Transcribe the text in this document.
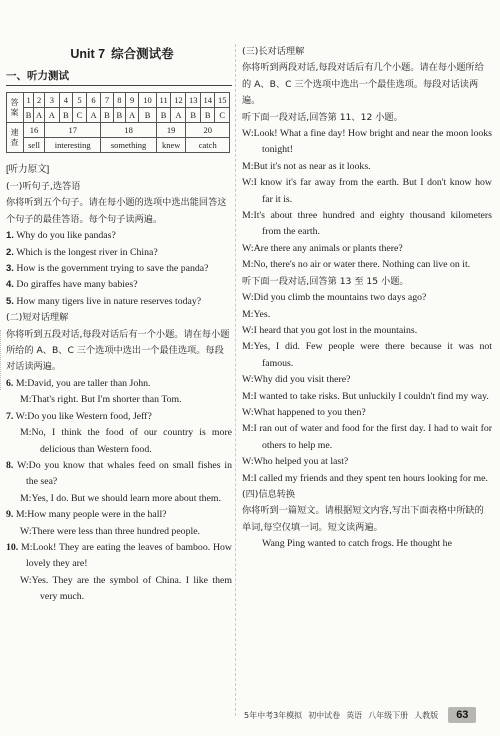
Unit 7 综合测试卷
一、听力测试
答案	1	2	3	4	5	6	7	8	9	10	11	12	13	14	15
	B	A	A	B	C	A	B	B	A	B	B	A	B	B	C
速查	16		17				18				19		20		
	sell		interesting				something				knew		catch		
[听力原文]

(一)听句子,选答语

你将听到五个句子。请在每小题的选项中选出能回答这个句子的最佳答语。每个句子读两遍。

1. Why do you like pandas?

2. Which is the longest river in China?

3. How is the government trying to save the panda?

4. Do giraffes have many babies?

5. How many tigers live in nature reserves today?

(二)短对话理解

你将听到五段对话,每段对话后有一个小题。请在每小题所给的 A、B、C 三个选项中选出一个最佳选项。每段对话读两遍。

6. M:David, you are taller than John.

M:That's right. But I'm shorter than Tom.

7. W:Do you like Western food, Jeff?

M:No, I think the food of our country is more delicious than Western food.

8. W:Do you know that whales feed on small fishes in the sea?

M:Yes, I do. But we should learn more about them.

9. M:How many people were in the hall?

W:There were less than three hundred people.

10. M:Look! They are eating the leaves of bamboo. How lovely they are!

W:Yes. They are the symbol of China. I like them very much.

(三)长对话理解

你将听到两段对话,每段对话后有几个小题。请在每小题所给的 A、B、C 三个选项中选出一个最佳选项。每段对话读两遍。

听下面一段对话,回答第 11、12 小题。

W:Look! What a fine day! How bright and near the moon looks tonight!

M:But it's not as near as it looks.

W:I know it's far away from the earth. But I don't know how far it is.

M:It's about three hundred and eighty thousand kilometers from the earth.

W:Are there any animals or plants there?

M:No, there's no air or water there. Nothing can live on it.

听下面一段对话,回答第 13 至 15 小题。

W:Did you climb the mountains two days ago?

M:Yes.

W:I heard that you got lost in the mountains.

M:Yes, I did. Few people were there because it was not famous.

W:Why did you visit there?

M:I wanted to take risks. But unluckily I couldn't find my way.

W:What happened to you then?

M:I ran out of water and food for the first day. I had to wait for others to help me.

W:Who helped you at last?

M:I called my friends and they spent ten hours looking for me.

(四)信息转换

你将听到一篇短文。请根据短文内容,写出下面表格中所缺的单词,每空仅填一词。短文读两遍。

Wang Ping wanted to catch frogs. He thought he

5年中考3年模拟 初中试卷 英语 八年级下册 人教版	63
